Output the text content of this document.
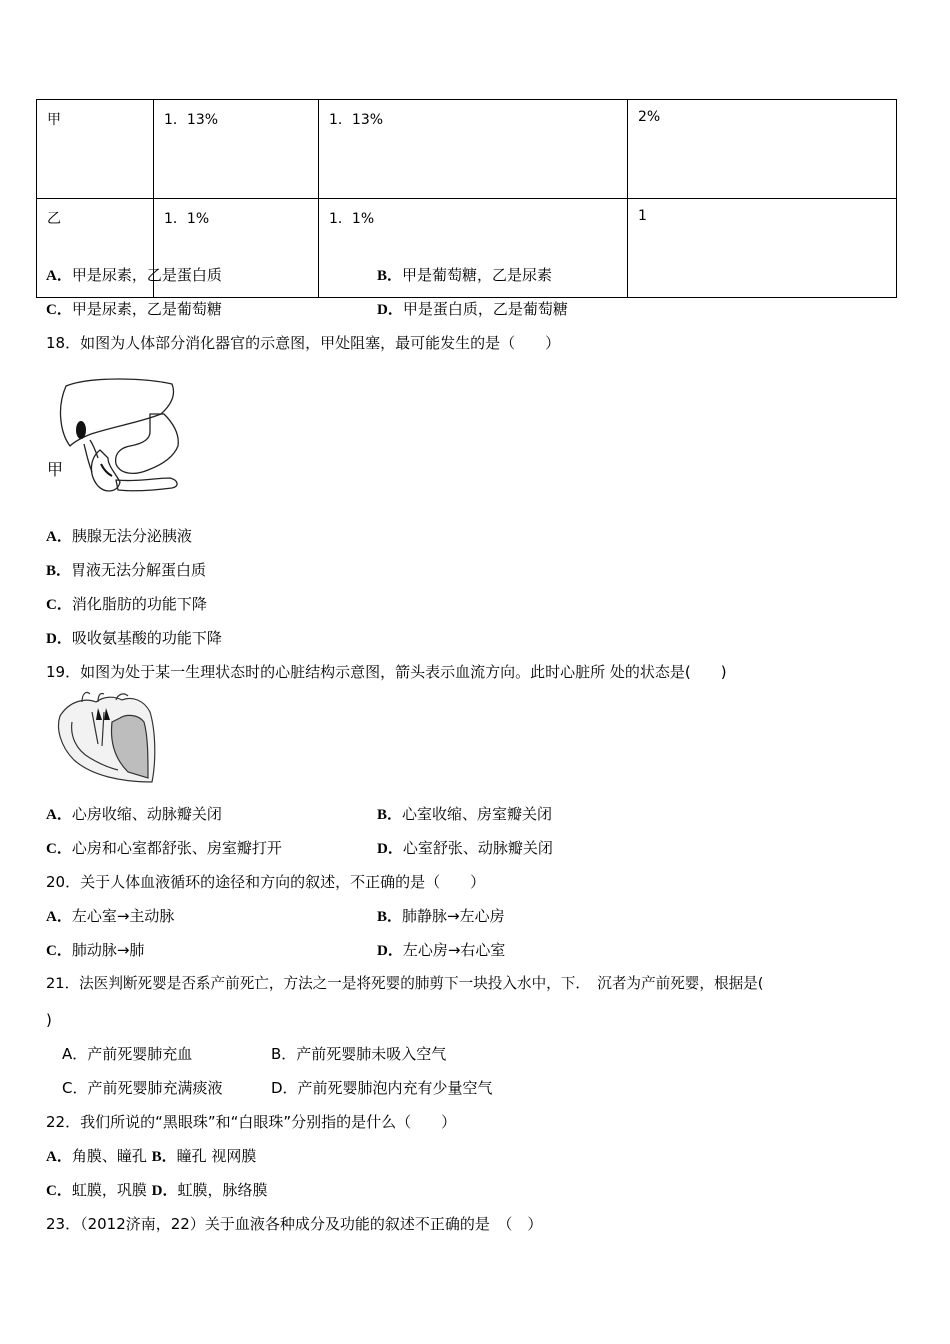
甲	1．13%	1．13%	2%
乙	1．1%	1．1%	1
A．甲是尿素，乙是蛋白质	B．甲是葡萄糖，乙是尿素
C．甲是尿素，乙是葡萄糖	D．甲是蛋白质，乙是葡萄糖
18．如图为人体部分消化器官的示意图，甲处阻塞，最可能发生的是（　　）
甲
A．胰腺无法分泌胰液
B．胃液无法分解蛋白质
C．消化脂肪的功能下降
D．吸收氨基酸的功能下降
19．如图为处于某一生理状态时的心脏结构示意图，箭头表示血流方向。此时心脏所 处的状态是(　　)
A．心房收缩、动脉瓣关闭	B．心室收缩、房室瓣关闭
C．心房和心室都舒张、房室瓣打开	D．心室舒张、动脉瓣关闭
20．关于人体血液循环的途径和方向的叙述，不正确的是（　　）
A．左心室→主动脉	B．肺静脉→左心房
C．肺动脉→肺	D．左心房→右心室
21．法医判断死婴是否系产前死亡，方法之一是将死婴的肺剪下一块投入水中，下．　沉者为产前死婴，根据是(
)
A．产前死婴肺充血	B．产前死婴肺未吸入空气
C．产前死婴肺充满痰液	D．产前死婴肺泡内充有少量空气
22．我们所说的“黑眼珠”和“白眼珠”分别指的是什么（　　）
A．角膜、瞳孔 B．瞳孔 视网膜
C．虹膜，巩膜 D．虹膜，脉络膜
23．（2012济南，22）关于血液各种成分及功能的叙述不正确的是　（　）
